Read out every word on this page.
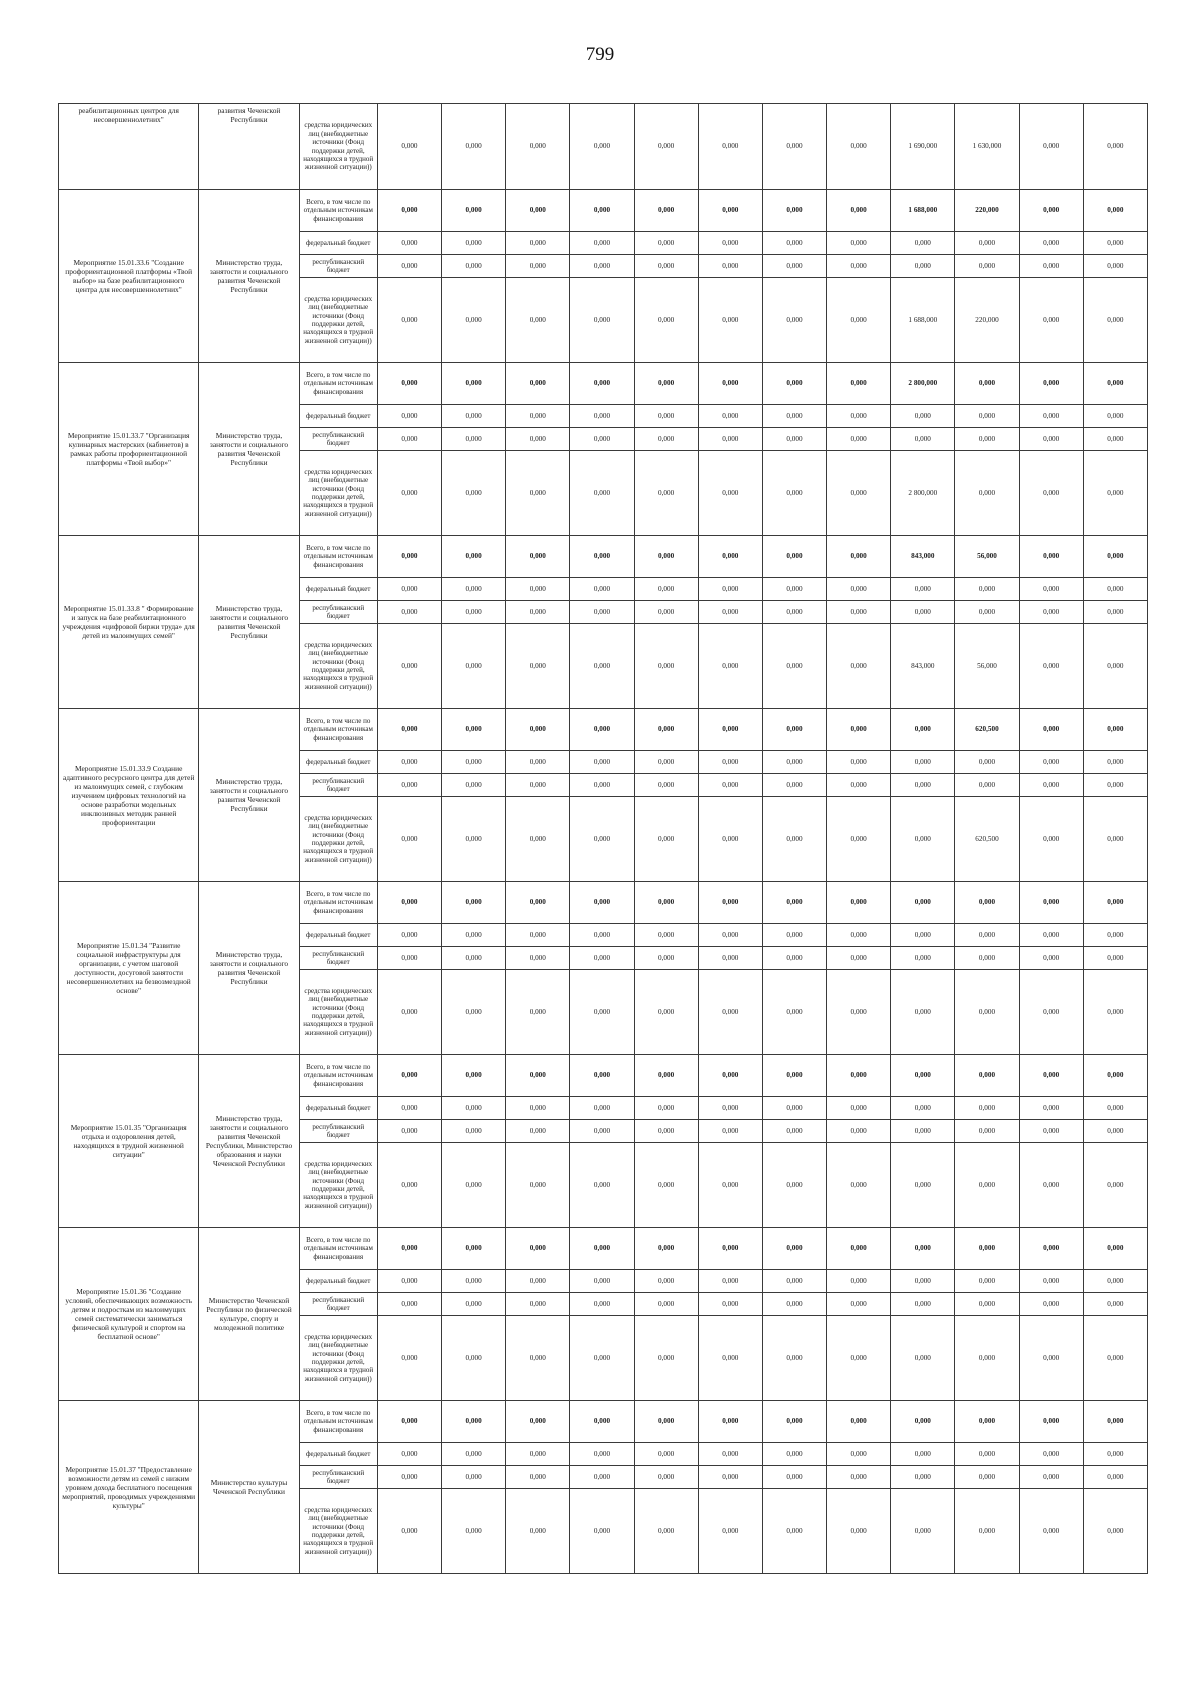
799
реабилитационных центров для несовершеннолетних"	развития Чеченской Республики	средства юридических лиц (внебюджетные источники (Фонд поддержки детей, находящихся в трудной жизненной ситуации))	0,000	0,000	0,000	0,000	0,000	0,000	0,000	0,000	1 690,000	1 630,000	0,000	0,000
Мероприятие 15.01.33.6 "Создание профориентационной платформы «Твой выбор» на базе реабилитационного центра для несовершеннолетних"	Министерство труда, занятости и социального развития Чеченской Республики	Всего, в том числе по отдельным источникам финансирования	0,000	0,000	0,000	0,000	0,000	0,000	0,000	0,000	1 688,000	220,000	0,000	0,000
		федеральный бюджет	0,000	0,000	0,000	0,000	0,000	0,000	0,000	0,000	0,000	0,000	0,000	0,000
		республиканский бюджет	0,000	0,000	0,000	0,000	0,000	0,000	0,000	0,000	0,000	0,000	0,000	0,000
		средства юридических лиц (внебюджетные источники (Фонд поддержки детей, находящихся в трудной жизненной ситуации))	0,000	0,000	0,000	0,000	0,000	0,000	0,000	0,000	1 688,000	220,000	0,000	0,000
Мероприятие 15.01.33.7 "Организация кулинарных мастерских (кабинетов) в рамках работы профориентационной платформы «Твой выбор»"	Министерство труда, занятости и социального развития Чеченской Республики	Всего, в том числе по отдельным источникам финансирования	0,000	0,000	0,000	0,000	0,000	0,000	0,000	0,000	2 800,000	0,000	0,000	0,000
		федеральный бюджет	0,000	0,000	0,000	0,000	0,000	0,000	0,000	0,000	0,000	0,000	0,000	0,000
		республиканский бюджет	0,000	0,000	0,000	0,000	0,000	0,000	0,000	0,000	0,000	0,000	0,000	0,000
		средства юридических лиц (внебюджетные источники (Фонд поддержки детей, находящихся в трудной жизненной ситуации))	0,000	0,000	0,000	0,000	0,000	0,000	0,000	0,000	2 800,000	0,000	0,000	0,000
Мероприятие 15.01.33.8 " Формирование и запуск на базе реабилитационного учреждения «цифровой биржи труда» для детей из малоимущих семей"	Министерство труда, занятости и социального развития Чеченской Республики	Всего, в том числе по отдельным источникам финансирования	0,000	0,000	0,000	0,000	0,000	0,000	0,000	0,000	843,000	56,000	0,000	0,000
		федеральный бюджет	0,000	0,000	0,000	0,000	0,000	0,000	0,000	0,000	0,000	0,000	0,000	0,000
		республиканский бюджет	0,000	0,000	0,000	0,000	0,000	0,000	0,000	0,000	0,000	0,000	0,000	0,000
		средства юридических лиц (внебюджетные источники (Фонд поддержки детей, находящихся в трудной жизненной ситуации))	0,000	0,000	0,000	0,000	0,000	0,000	0,000	0,000	843,000	56,000	0,000	0,000
Мероприятие 15.01.33.9 Создание адаптивного ресурсного центра для детей из малоимущих семей, с глубоким изучением цифровых технологий на основе разработки модельных инклюзивных методик ранней профориентации	Министерство труда, занятости и социального развития Чеченской Республики	Всего, в том числе по отдельным источникам финансирования	0,000	0,000	0,000	0,000	0,000	0,000	0,000	0,000	0,000	620,500	0,000	0,000
		федеральный бюджет	0,000	0,000	0,000	0,000	0,000	0,000	0,000	0,000	0,000	0,000	0,000	0,000
		республиканский бюджет	0,000	0,000	0,000	0,000	0,000	0,000	0,000	0,000	0,000	0,000	0,000	0,000
		средства юридических лиц (внебюджетные источники (Фонд поддержки детей, находящихся в трудной жизненной ситуации))	0,000	0,000	0,000	0,000	0,000	0,000	0,000	0,000	0,000	620,500	0,000	0,000
Мероприятие 15.01.34 "Развитие социальной инфраструктуры для организации, с учетом шаговой доступности, досуговой занятости несовершеннолетних на безвозмездной основе"	Министерство труда, занятости и социального развития Чеченской Республики	Всего, в том числе по отдельным источникам финансирования	0,000	0,000	0,000	0,000	0,000	0,000	0,000	0,000	0,000	0,000	0,000	0,000
		федеральный бюджет	0,000	0,000	0,000	0,000	0,000	0,000	0,000	0,000	0,000	0,000	0,000	0,000
		республиканский бюджет	0,000	0,000	0,000	0,000	0,000	0,000	0,000	0,000	0,000	0,000	0,000	0,000
		средства юридических лиц (внебюджетные источники (Фонд поддержки детей, находящихся в трудной жизненной ситуации))	0,000	0,000	0,000	0,000	0,000	0,000	0,000	0,000	0,000	0,000	0,000	0,000
Мероприятие 15.01.35 "Организация отдыха и оздоровления детей, находящихся в трудной жизненной ситуации"	Министерство труда, занятости и социального развития Чеченской Республики, Министерство образования и науки Чеченской Республики	Всего, в том числе по отдельным источникам финансирования	0,000	0,000	0,000	0,000	0,000	0,000	0,000	0,000	0,000	0,000	0,000	0,000
		федеральный бюджет	0,000	0,000	0,000	0,000	0,000	0,000	0,000	0,000	0,000	0,000	0,000	0,000
		республиканский бюджет	0,000	0,000	0,000	0,000	0,000	0,000	0,000	0,000	0,000	0,000	0,000	0,000
		средства юридических лиц (внебюджетные источники (Фонд поддержки детей, находящихся в трудной жизненной ситуации))	0,000	0,000	0,000	0,000	0,000	0,000	0,000	0,000	0,000	0,000	0,000	0,000
Мероприятие 15.01.36 "Создание условий, обеспечивающих возможность детям и подросткам из малоимущих семей систематически заниматься физической культурой и спортом на бесплатной основе"	Министерство Чеченской Республики по физической культуре, спорту и молодежной политике	Всего, в том числе по отдельным источникам финансирования	0,000	0,000	0,000	0,000	0,000	0,000	0,000	0,000	0,000	0,000	0,000	0,000
		федеральный бюджет	0,000	0,000	0,000	0,000	0,000	0,000	0,000	0,000	0,000	0,000	0,000	0,000
		республиканский бюджет	0,000	0,000	0,000	0,000	0,000	0,000	0,000	0,000	0,000	0,000	0,000	0,000
		средства юридических лиц (внебюджетные источники (Фонд поддержки детей, находящихся в трудной жизненной ситуации))	0,000	0,000	0,000	0,000	0,000	0,000	0,000	0,000	0,000	0,000	0,000	0,000
Мероприятие 15.01.37 "Предоставление возможности детям из семей с низким уровнем дохода бесплатного посещения мероприятий, проводимых учреждениями культуры"	Министерство культуры Чеченской Республики	Всего, в том числе по отдельным источникам финансирования	0,000	0,000	0,000	0,000	0,000	0,000	0,000	0,000	0,000	0,000	0,000	0,000
		федеральный бюджет	0,000	0,000	0,000	0,000	0,000	0,000	0,000	0,000	0,000	0,000	0,000	0,000
		республиканский бюджет	0,000	0,000	0,000	0,000	0,000	0,000	0,000	0,000	0,000	0,000	0,000	0,000
		средства юридических лиц (внебюджетные источники (Фонд поддержки детей, находящихся в трудной жизненной ситуации))	0,000	0,000	0,000	0,000	0,000	0,000	0,000	0,000	0,000	0,000	0,000	0,000
